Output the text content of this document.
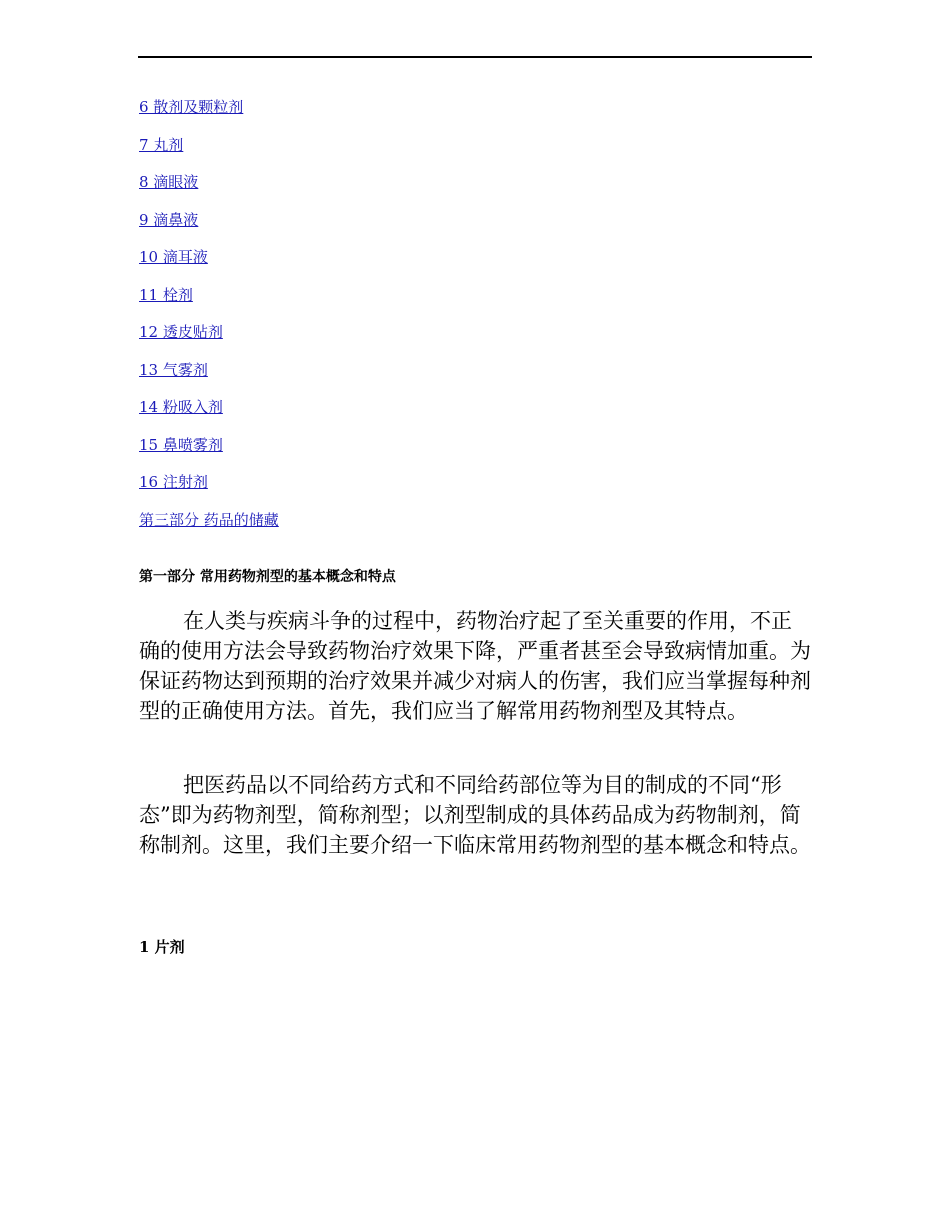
6 散剂及颗粒剂
7 丸剂
8 滴眼液
9 滴鼻液
10 滴耳液
11 栓剂
12 透皮贴剂
13 气雾剂
14 粉吸入剂
15 鼻喷雾剂
16 注射剂
第三部分 药品的储藏
第一部分 常用药物剂型的基本概念和特点

在人类与疾病斗争的过程中，药物治疗起了至关重要的作用，不正确的使用方法会导致药物治疗效果下降，严重者甚至会导致病情加重。为保证药物达到预期的治疗效果并减少对病人的伤害，我们应当掌握每种剂型的正确使用方法。首先，我们应当了解常用药物剂型及其特点。

把医药品以不同给药方式和不同给药部位等为目的制成的不同“形态”即为药物剂型，简称剂型；以剂型制成的具体药品成为药物制剂，简称制剂。这里，我们主要介绍一下临床常用药物剂型的基本概念和特点。

1 片剂
